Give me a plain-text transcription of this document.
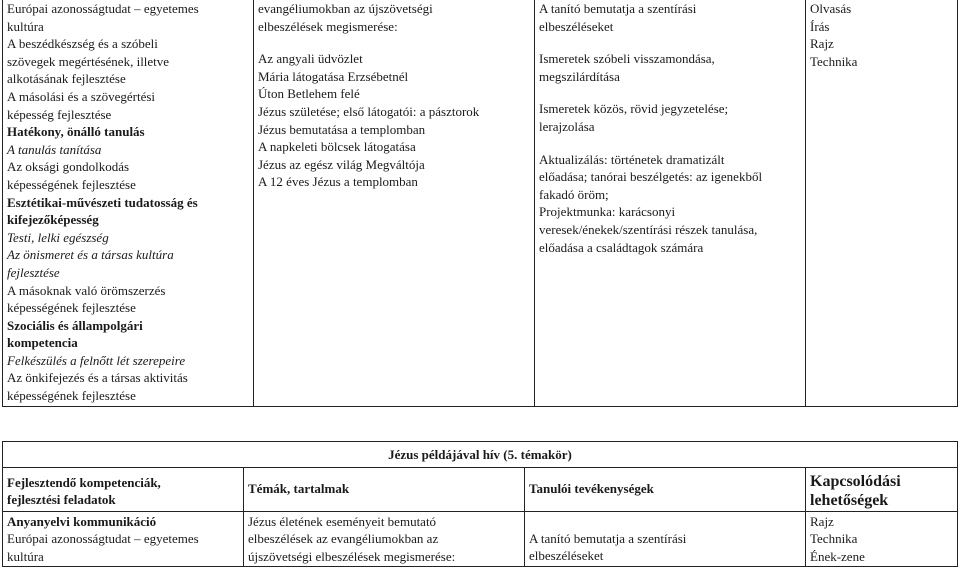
Európai azonosságtudat – egyetemes
kultúra
A beszédkészség és a szóbeli
szövegek megértésének, illetve
alkotásának fejlesztése
A másolási és a szövegértési
képesség fejlesztése
Hatékony, önálló tanulás
A tanulás tanítása
Az oksági gondolkodás
képességének fejlesztése
Esztétikai-művészeti tudatosság és
kifejezőképesség
Testi, lelki egészség
Az önismeret és a társas kultúra
fejlesztése
A másoknak való örömszerzés
képességének fejlesztése
Szociális és állampolgári
kompetencia
Felkészülés a felnőtt lét szerepeire
Az önkifejezés és a társas aktivitás
képességének fejlesztése

evangéliumokban az újszövetségi
elbeszélések megismerése:
Az angyali üdvözlet
Mária látogatása Erzsébetnél
Úton Betlehem felé
Jézus születése; első látogatói: a pásztorok
Jézus bemutatása a templomban
A napkeleti bölcsek látogatása
Jézus az egész világ Megváltója
A 12 éves Jézus a templomban

A tanító bemutatja a szentírási
elbeszéléseket
Ismeretek szóbeli visszamondása,
megszilárdítása
Ismeretek közös, rövid jegyzetelése;
lerajzolása
Aktualizálás: történetek dramatizált
előadása; tanórai beszélgetés: az igenekből
fakadó öröm;
Projektmunka: karácsonyi
veresek/énekek/szentírási részek tanulása,
előadása a családtagok számára

Olvasás
Írás
Rajz
Technika
Jézus példájával hív (5. témakör)			

Fejlesztendő kompetenciák,
fejlesztési feladatok	Témák, tartalmak	Tanulói tevékenységek	Kapcsolódási
lehetőségek

Anyanyelvi kommunikáció
Európai azonosságtudat – egyetemes
kultúra	Jézus életének eseményeit bemutató
elbeszélések az evangéliumokban az
újszövetségi elbeszélések megismerése:	A tanító bemutatja a szentírási
elbeszéléseket	Rajz
Technika
Ének-zene
